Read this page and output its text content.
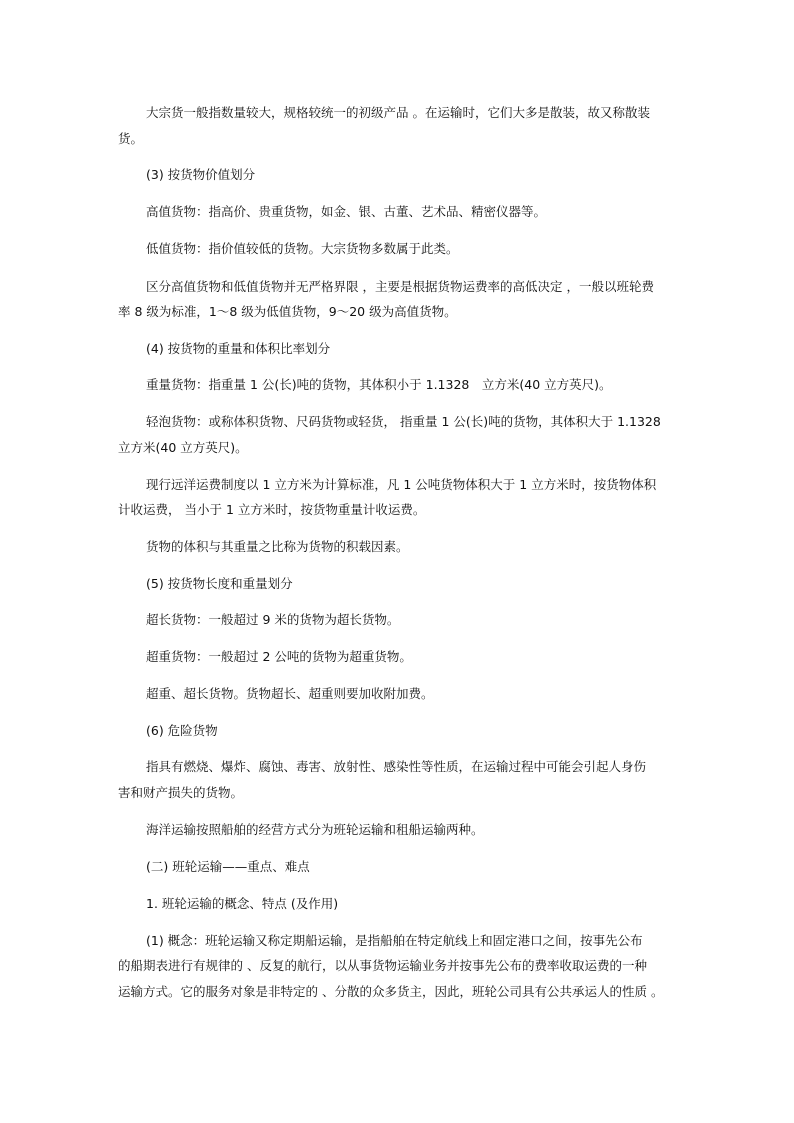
大宗货一般指数量较大，规格较统一的初级产品 。在运输时，它们大多是散装，故又称散装
货。
(3) 按货物价值划分
高值货物：指高价、贵重货物，如金、银、古董、艺术品、精密仪器等。
低值货物：指价值较低的货物。大宗货物多数属于此类。
区分高值货物和低值货物并无严格界限 ，主要是根据货物运费率的高低决定 ，一般以班轮费
率 8 级为标准，1～8 级为低值货物，9～20 级为高值货物。
(4) 按货物的重量和体积比率划分
重量货物：指重量 1 公(长)吨的货物，其体积小于 1.1328　立方米(40 立方英尺)。
轻泡货物：或称体积货物、尺码货物或轻货， 指重量 1 公(长)吨的货物，其体积大于 1.1328
立方米(40 立方英尺)。
现行远洋运费制度以 1 立方米为计算标准，凡 1 公吨货物体积大于 1 立方米时，按货物体积
计收运费， 当小于 1 立方米时，按货物重量计收运费。
货物的体积与其重量之比称为货物的积载因素。
(5) 按货物长度和重量划分
超长货物：一般超过 9 米的货物为超长货物。
超重货物：一般超过 2 公吨的货物为超重货物。
超重、超长货物。货物超长、超重则要加收附加费。
(6) 危险货物
指具有燃烧、爆炸、腐蚀、毒害、放射性、感染性等性质，在运输过程中可能会引起人身伤
害和财产损失的货物。
海洋运输按照船舶的经营方式分为班轮运输和租船运输两种。
(二) 班轮运输——重点、难点
1. 班轮运输的概念、特点 (及作用)
(1) 概念：班轮运输又称定期船运输，是指船舶在特定航线上和固定港口之间，按事先公布
的船期表进行有规律的 、反复的航行，以从事货物运输业务并按事先公布的费率收取运费的一种
运输方式。它的服务对象是非特定的 、分散的众多货主，因此，班轮公司具有公共承运人的性质 。
